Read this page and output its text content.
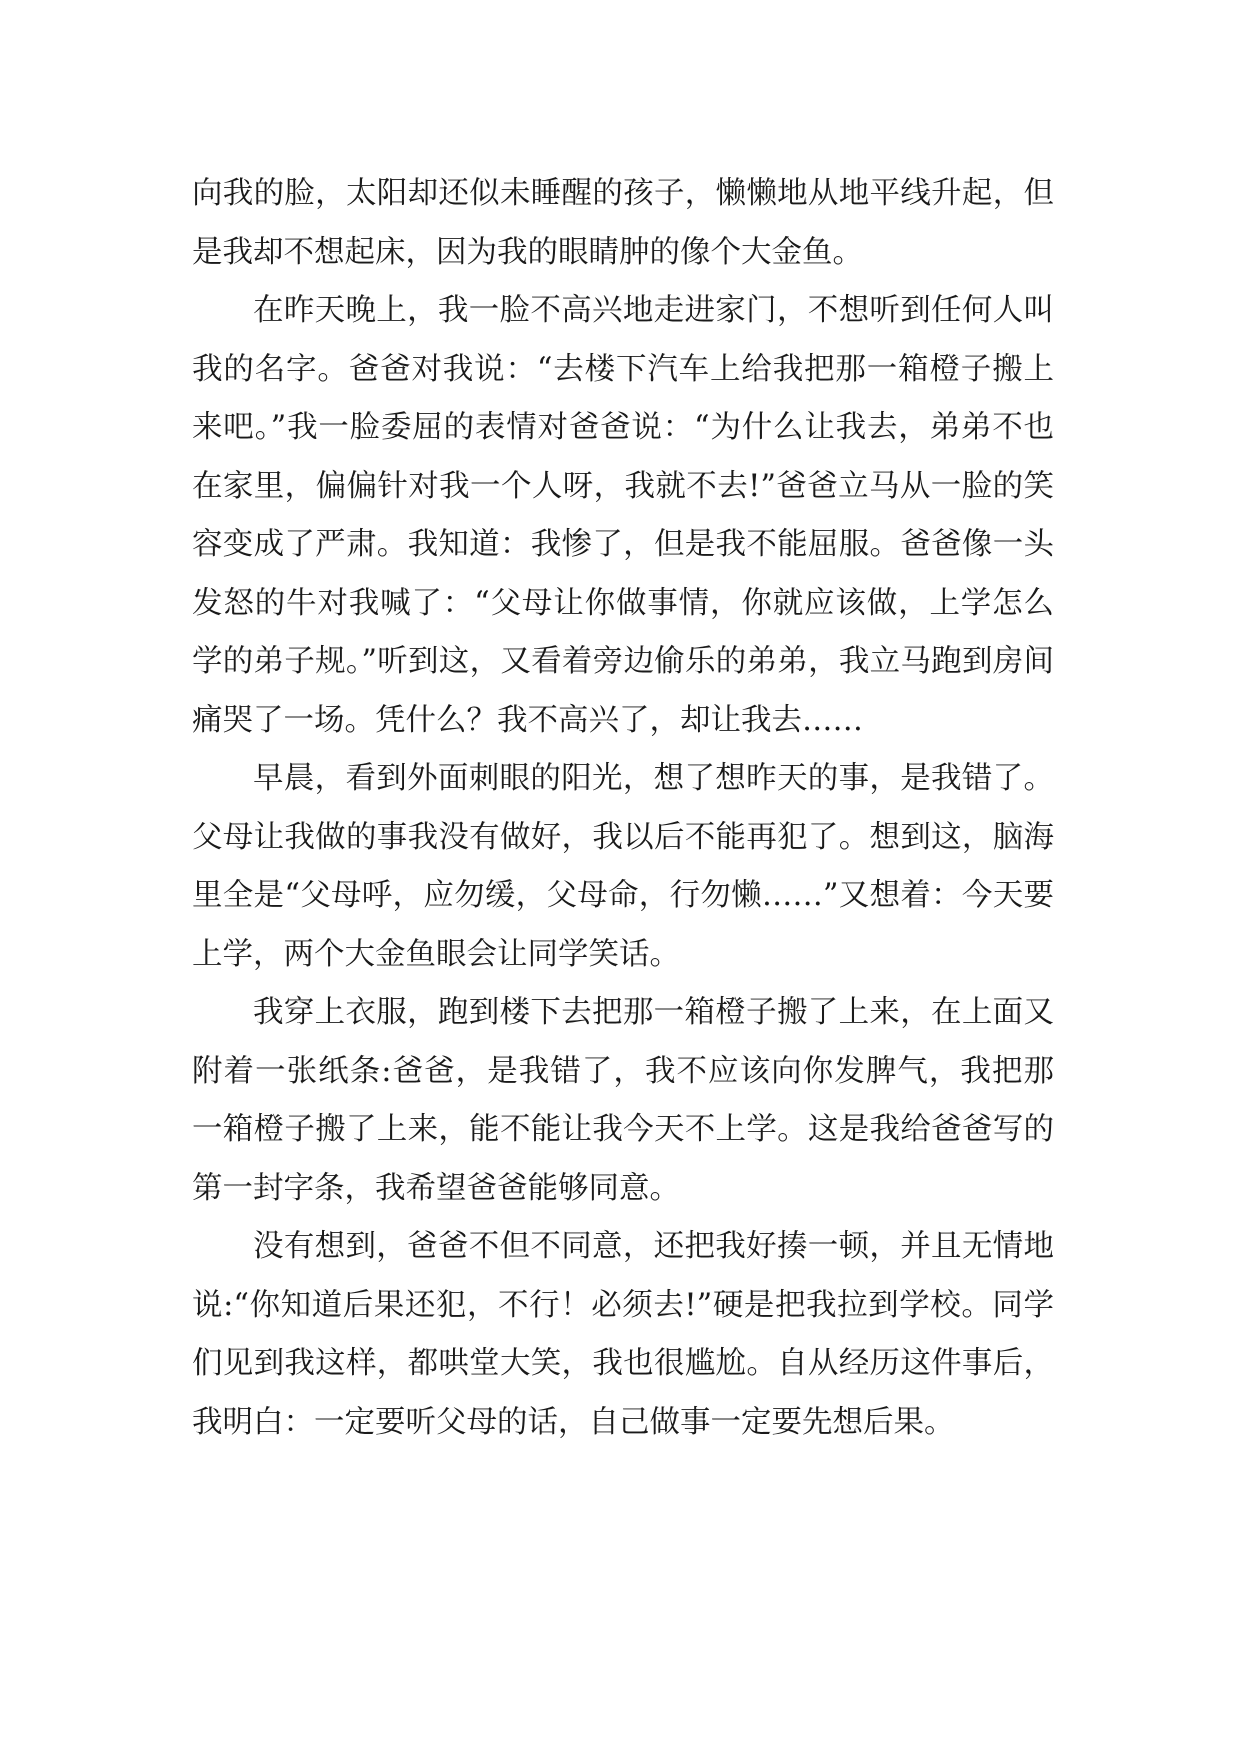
向我的脸，太阳却还似未睡醒的孩子，懒懒地从地平线升起，但是我却不想起床，因为我的眼睛肿的像个大金鱼。

在昨天晚上，我一脸不高兴地走进家门，不想听到任何人叫我的名字。爸爸对我说：“去楼下汽车上给我把那一箱橙子搬上来吧。”我一脸委屈的表情对爸爸说：“为什么让我去，弟弟不也在家里，偏偏针对我一个人呀，我就不去!”爸爸立马从一脸的笑容变成了严肃。我知道：我惨了，但是我不能屈服。爸爸像一头发怒的牛对我喊了：“父母让你做事情，你就应该做，上学怎么学的弟子规。”听到这，又看着旁边偷乐的弟弟，我立马跑到房间痛哭了一场。凭什么？我不高兴了，却让我去……

早晨，看到外面刺眼的阳光，想了想昨天的事，是我错了。父母让我做的事我没有做好，我以后不能再犯了。想到这，脑海里全是“父母呼，应勿缓，父母命，行勿懒……”又想着：今天要上学，两个大金鱼眼会让同学笑话。

我穿上衣服，跑到楼下去把那一箱橙子搬了上来，在上面又附着一张纸条:爸爸，是我错了，我不应该向你发脾气，我把那一箱橙子搬了上来，能不能让我今天不上学。这是我给爸爸写的第一封字条，我希望爸爸能够同意。

没有想到，爸爸不但不同意，还把我好揍一顿，并且无情地说:“你知道后果还犯，不行！必须去!”硬是把我拉到学校。同学们见到我这样，都哄堂大笑，我也很尴尬。自从经历这件事后，我明白：一定要听父母的话，自己做事一定要先想后果。
